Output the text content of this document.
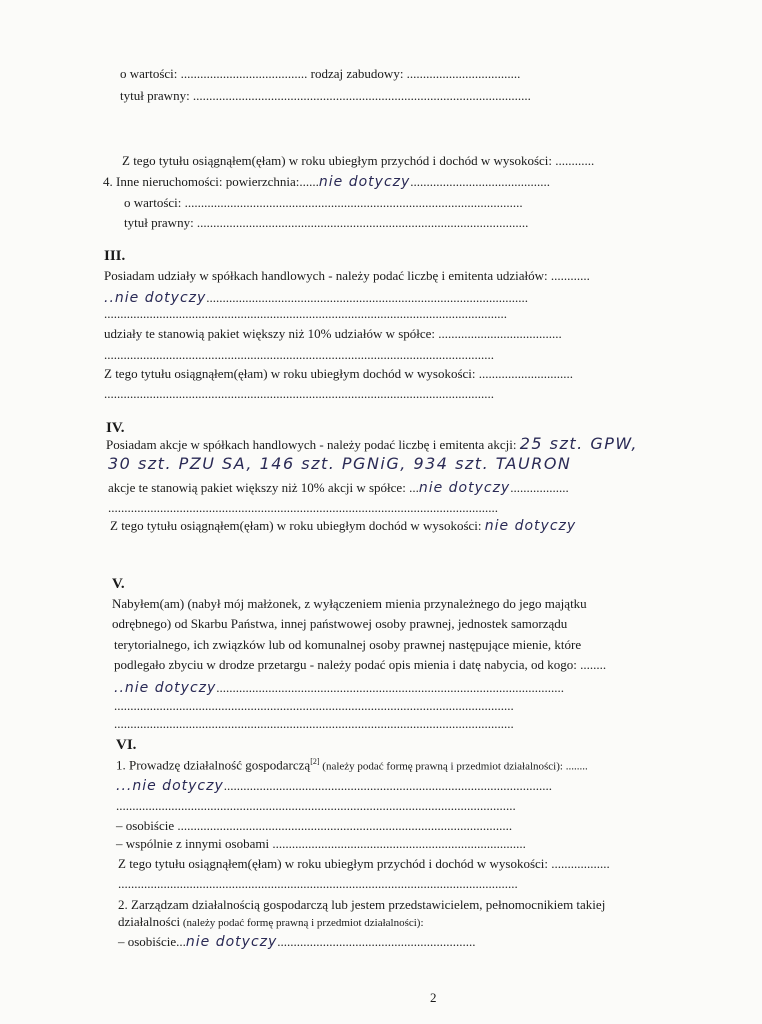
o wartości: ....................................... rodzaj zabudowy: ...................................
tytuł prawny: ........................................................................................................
Z tego tytułu osiągnąłem(ęłam) w roku ubiegłym przychód i dochód w wysokości: ............
4. Inne nieruchomości: powierzchnia:......nie dotyczy...........................................
o wartości: ........................................................................................................
tytuł prawny: ......................................................................................................
III.
Posiadam udziały w spółkach handlowych - należy podać liczbę i emitenta udziałów: ............
..nie dotyczy...................................................................................................
............................................................................................................................
udziały te stanowią pakiet większy niż 10% udziałów w spółce: ......................................
........................................................................................................................
Z tego tytułu osiągnąłem(ęłam) w roku ubiegłym dochód w wysokości: .............................
........................................................................................................................
IV.
Posiadam akcje w spółkach handlowych - należy podać liczbę i emitenta akcji: 25 szt. GPW,
30 szt. PZU SA, 146 szt. PGNiG, 934 szt. TAURON
akcje te stanowią pakiet większy niż 10% akcji w spółce: ...nie dotyczy..................
........................................................................................................................
Z tego tytułu osiągnąłem(ęłam) w roku ubiegłym dochód w wysokości: nie dotyczy
V.
Nabyłem(am) (nabył mój małżonek, z wyłączeniem mienia przynależnego do jego majątku
odrębnego) od Skarbu Państwa, innej państwowej osoby prawnej, jednostek samorządu
terytorialnego, ich związków lub od komunalnej osoby prawnej następujące mienie, które
podlegało zbyciu w drodze przetargu - należy podać opis mienia i datę nabycia, od kogo: ........
..nie dotyczy...........................................................................................................
...........................................................................................................................
...........................................................................................................................
VI.
1. Prowadzę działalność gospodarczą[2] (należy podać formę prawną i przedmiot działalności): ........
...nie dotyczy.....................................................................................................
...........................................................................................................................
– osobiście .......................................................................................................
– wspólnie z innymi osobami ..............................................................................
Z tego tytułu osiągnąłem(ęłam) w roku ubiegłym przychód i dochód w wysokości: ..................
...........................................................................................................................
2. Zarządzam działalnością gospodarczą lub jestem przedstawicielem, pełnomocnikiem takiej
działalności (należy podać formę prawną i przedmiot działalności):
– osobiście...nie dotyczy.............................................................
2
